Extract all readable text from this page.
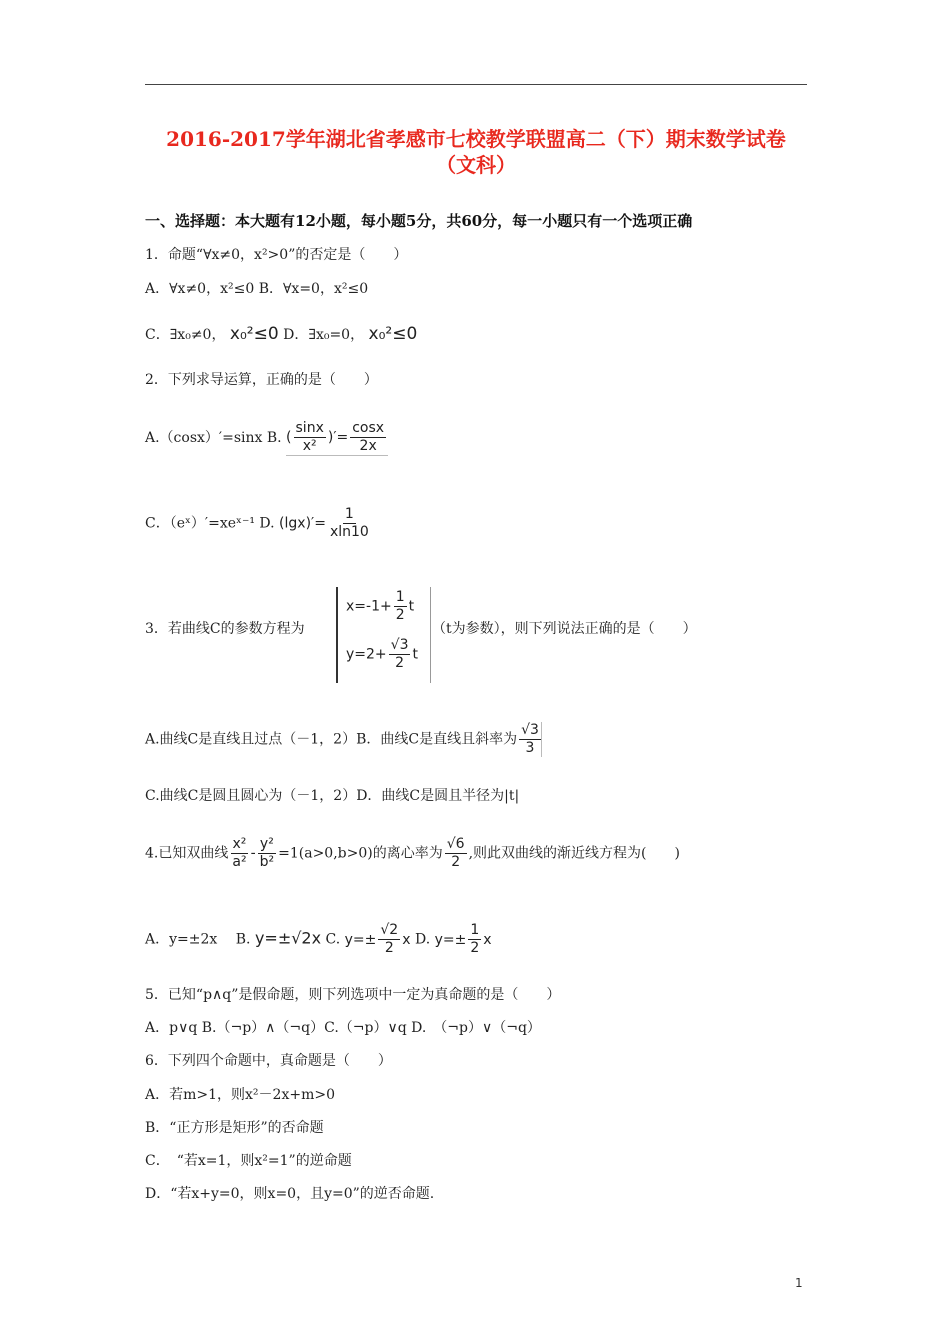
2016-2017学年湖北省孝感市七校教学联盟高二（下）期末数学试卷
（文科）
一、选择题：本大题有12小题，每小题5分，共60分，每一小题只有一个选项正确
1．命题“∀x≠0，x²>0”的否定是（　　）
A．∀x≠0，x²≤0 B．∀x=0，x²≤0
C．∃x₀≠0， x₀²≤0 D．∃x₀=0， x₀²≤0
2．下列求导运算，正确的是（　　）
A.（cosx）′=sinx B. ( $\frac{\sin x}{\text{x²}}$ )′= $\frac{\cos x}{2x}$
C．（eˣ）′=xeˣ⁻¹ D. $(\lg x)'= \frac{1}{xln10}$
3．若曲线C的参数方程为
$x=-1+ \frac{1}{2}$ t
$y=2+ \frac{√3}{2}$ t
（t为参数），则下列说法正确的是（　　）
A.曲线C是直线且过点（－1，2）B．曲线C是直线且斜率为 $\frac{√3}{3}$
C.曲线C是圆且圆心为（－1，2）D．曲线C是圆且半径为|t|
4.已知双曲线 $\frac{\text{x²}}{\text{a²}} - \frac{\text{y²}}{\text{b²}} =1(a>0,b>0)$的离心率为 $\frac{√6}{2}$ ,则此双曲线的渐近线方程为(　　)
A．y=±2x　 B. y=±√2x C. $y=\pm \frac{√2}{2}$ x D. $y=\pm \frac{1}{2}$ x
5．已知“p∧q”是假命题，则下列选项中一定为真命题的是（　　）
A．p∨q B.（¬p）∧（¬q）C.（¬p）∨q D.　（¬p）∨（¬q）
6．下列四个命题中，真命题是（　　）
A．若m>1，则x²－2x+m>0
B．“正方形是矩形”的否命题
C．　“若x=1，则x²=1”的逆命题
D．“若x+y=0，则x=0，且y=0”的逆否命题.
1
